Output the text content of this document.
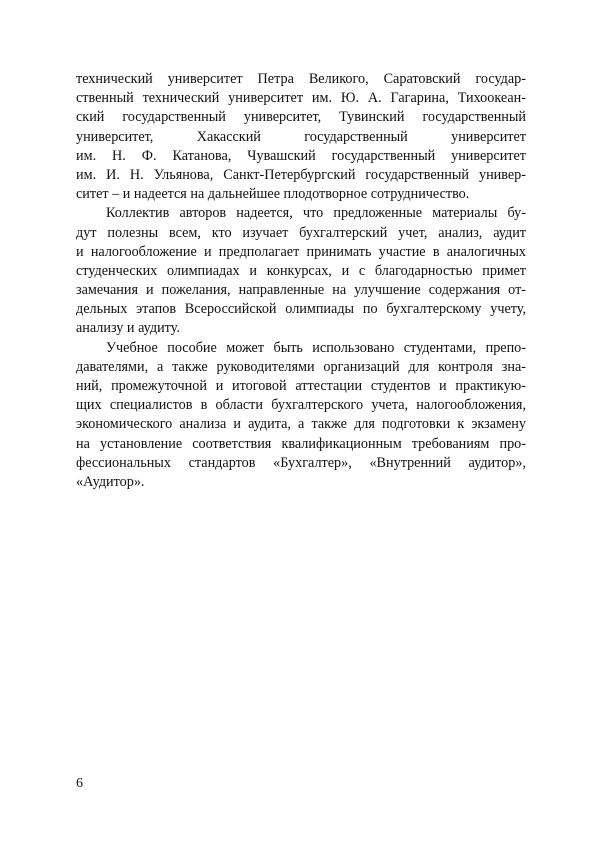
технический университет Петра Великого, Саратовский государ-
ственный технический университет им. Ю. А. Гагарина, Тихоокеан-
ский государственный университет, Тувинский государственный
университет, Хакасский государственный университет
им. Н. Ф. Катанова, Чувашский государственный университет
им. И. Н. Ульянова, Санкт-Петербургский государственный универ-
ситет – и надеется на дальнейшее плодотворное сотрудничество.
Коллектив авторов надеется, что предложенные материалы бу-
дут полезны всем, кто изучает бухгалтерский учет, анализ, аудит
и налогообложение и предполагает принимать участие в аналогичных
студенческих олимпиадах и конкурсах, и с благодарностью примет
замечания и пожелания, направленные на улучшение содержания от-
дельных этапов Всероссийской олимпиады по бухгалтерскому учету,
анализу и аудиту.
Учебное пособие может быть использовано студентами, препо-
давателями, а также руководителями организаций для контроля зна-
ний, промежуточной и итоговой аттестации студентов и практикую-
щих специалистов в области бухгалтерского учета, налогообложения,
экономического анализа и аудита, а также для подготовки к экзамену
на установление соответствия квалификационным требованиям про-
фессиональных стандартов «Бухгалтер», «Внутренний аудитор»,
«Аудитор».
6
